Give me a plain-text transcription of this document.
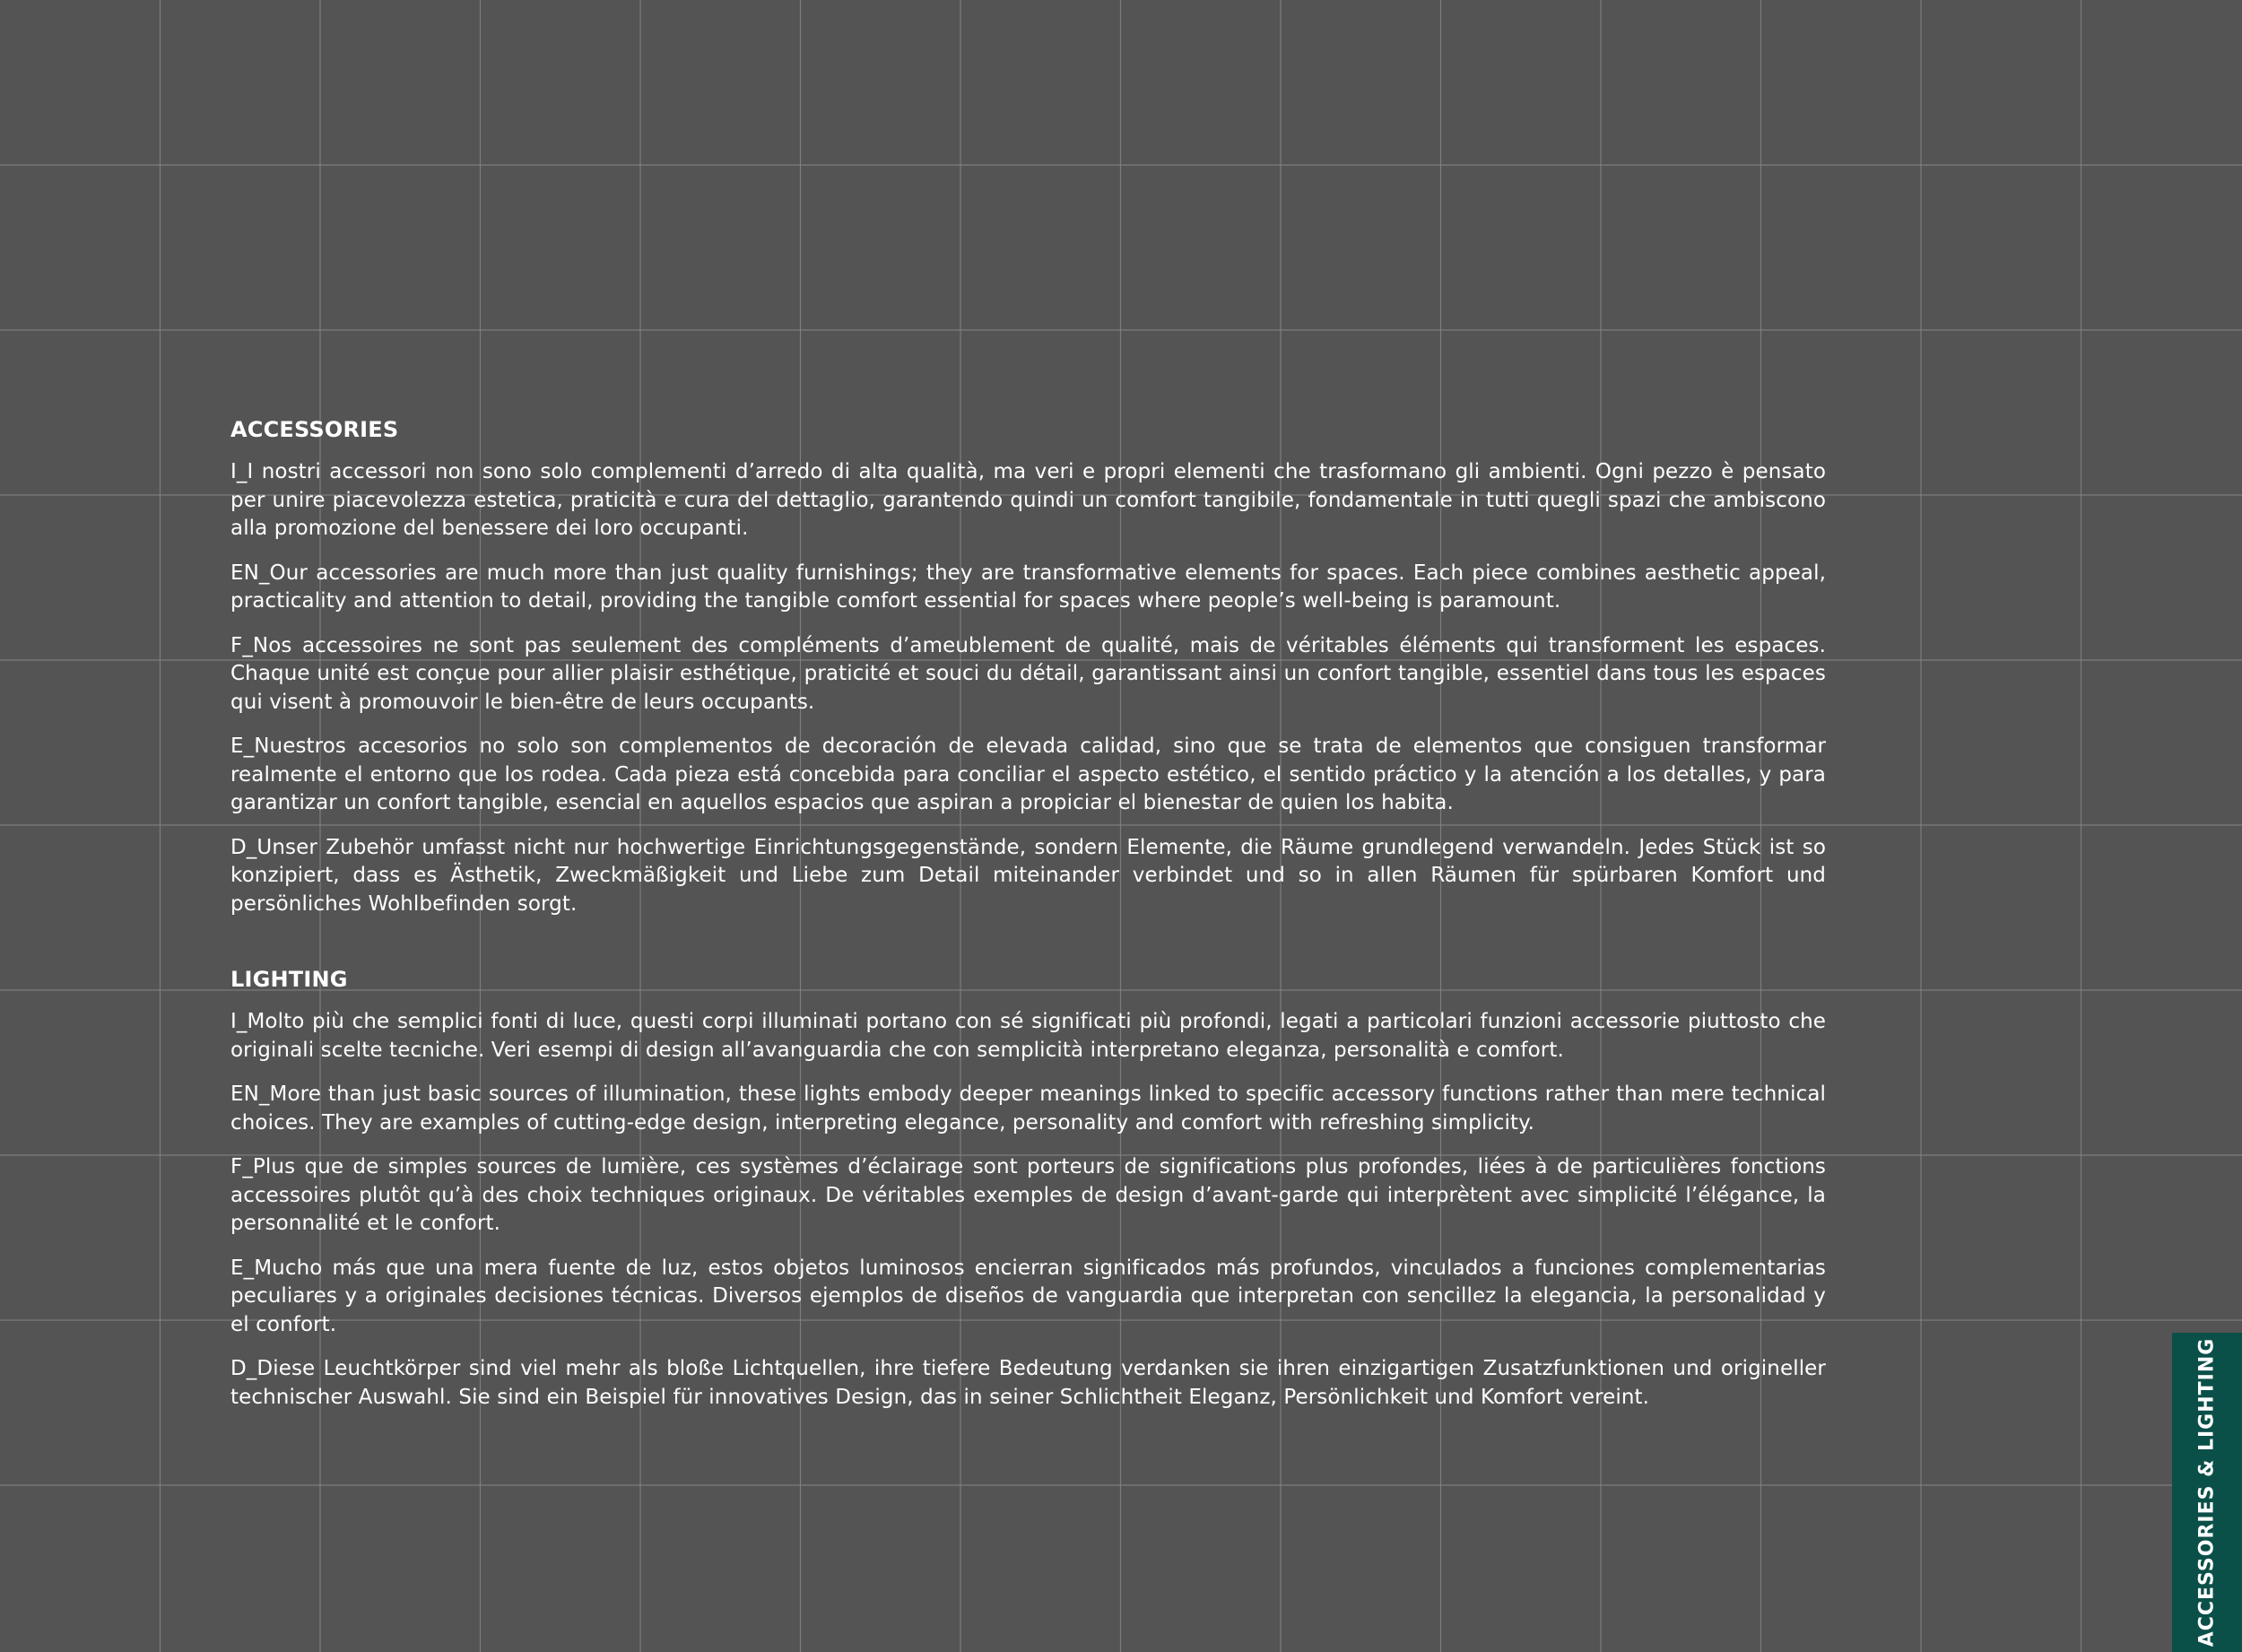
ACCESSORIES

I_I nostri accessori non sono solo complementi d’arredo di alta qualità, ma veri e propri elementi che trasformano gli ambienti. Ogni pezzo è pensato per unire piacevolezza estetica, praticità e cura del dettaglio, garantendo quindi un comfort tangibile, fondamentale in tutti quegli spazi che ambiscono alla promozione del benessere dei loro occupanti.

EN_Our accessories are much more than just quality furnishings; they are transformative elements for spaces. Each piece combines aesthetic appeal, practicality and attention to detail, providing the tangible comfort essential for spaces where people’s well-being is paramount.

F_Nos accessoires ne sont pas seulement des compléments d’ameublement de qualité, mais de véritables éléments qui transforment les espaces. Chaque unité est conçue pour allier plaisir esthétique, praticité et souci du détail, garantissant ainsi un confort tangible, essentiel dans tous les espaces qui visent à promouvoir le bien-être de leurs occupants.

E_Nuestros accesorios no solo son complementos de decoración de elevada calidad, sino que se trata de elementos que consiguen transformar realmente el entorno que los rodea. Cada pieza está concebida para conciliar el aspecto estético, el sentido práctico y la atención a los detalles, y para garantizar un confort tangible, esencial en aquellos espacios que aspiran a propiciar el bienestar de quien los habita.

D_Unser Zubehör umfasst nicht nur hochwertige Einrichtungsgegenstände, sondern Elemente, die Räume grundlegend verwandeln. Jedes Stück ist so konzipiert, dass es Ästhetik, Zweckmäßigkeit und Liebe zum Detail miteinander verbindet und so in allen Räumen für spürbaren Komfort und persönliches Wohlbefinden sorgt.

LIGHTING

I_Molto più che semplici fonti di luce, questi corpi illuminati portano con sé significati più profondi, legati a particolari funzioni accessorie piuttosto che originali scelte tecniche. Veri esempi di design all’avanguardia che con semplicità interpretano eleganza, personalità e comfort.

EN_More than just basic sources of illumination, these lights embody deeper meanings linked to specific accessory functions rather than mere technical choices. They are examples of cutting-edge design, interpreting elegance, personality and comfort with refreshing simplicity.

F_Plus que de simples sources de lumière, ces systèmes d’éclairage sont porteurs de significations plus profondes, liées à de particulières fonctions accessoires plutôt qu’à des choix techniques originaux. De véritables exemples de design d’avant-garde qui interprètent avec simplicité l’élégance, la personnalité et le confort.

E_Mucho más que una mera fuente de luz, estos objetos luminosos encierran significados más profundos, vinculados a funciones complementarias peculiares y a originales decisiones técnicas. Diversos ejemplos de diseños de vanguardia que interpretan con sencillez la elegancia, la personalidad y el confort.

D_Diese Leuchtkörper sind viel mehr als bloße Lichtquellen, ihre tiefere Bedeutung verdanken sie ihren einzigartigen Zusatzfunktionen und origineller technischer Auswahl. Sie sind ein Beispiel für innovatives Design, das in seiner Schlichtheit Eleganz, Persönlichkeit und Komfort vereint.	ACCESSORIES & LIGHTING
